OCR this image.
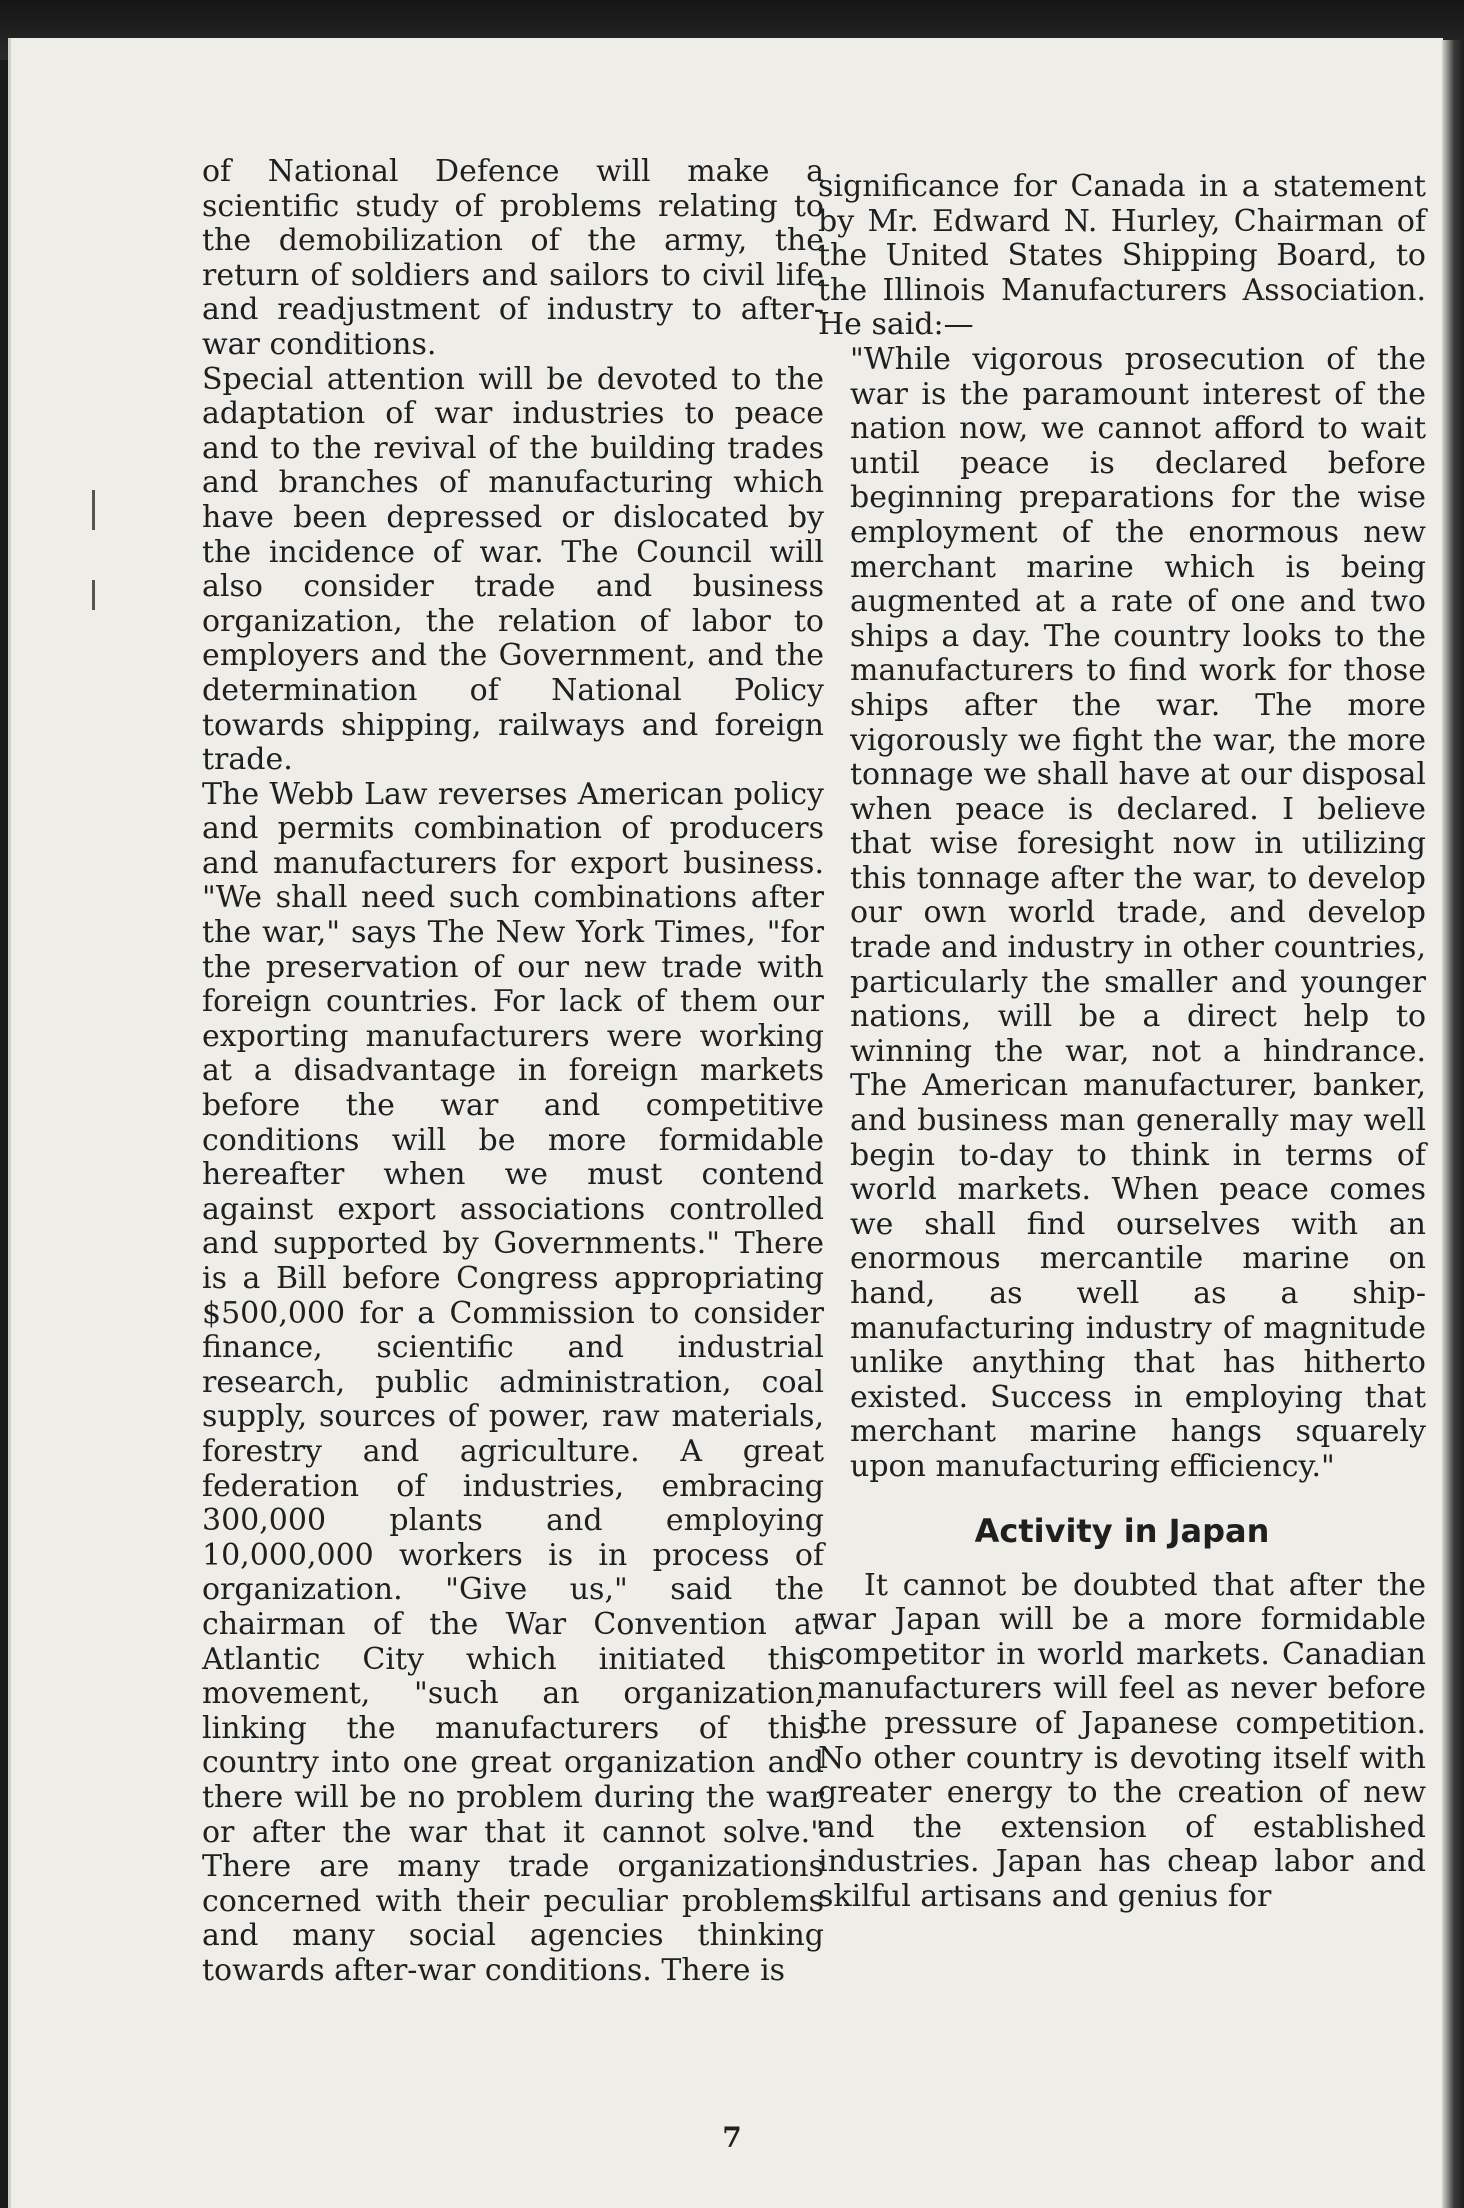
of National Defence will make a scientific study of problems relating to the demobilization of the army, the return of soldiers and sailors to civil life and readjustment of industry to after-war conditions.

Special attention will be devoted to the adaptation of war industries to peace and to the revival of the building trades and branches of manufacturing which have been depressed or dislocated by the incidence of war. The Council will also consider trade and business organization, the relation of labor to employers and the Government, and the determination of National Policy towards shipping, railways and foreign trade.

The Webb Law reverses American policy and permits combination of producers and manufacturers for export business. "We shall need such combinations after the war," says The New York Times, "for the preservation of our new trade with foreign countries. For lack of them our exporting manufacturers were working at a disadvantage in foreign markets before the war and competitive conditions will be more formidable hereafter when we must contend against export associations controlled and supported by Governments." There is a Bill before Congress appropriating $500,000 for a Commission to consider finance, scientific and industrial research, public administration, coal supply, sources of power, raw materials, forestry and agriculture. A great federation of industries, embracing 300,000 plants and employing 10,000,000 workers is in process of organization. "Give us," said the chairman of the War Convention at Atlantic City which initiated this movement, "such an organization, linking the manufacturers of this country into one great organization and there will be no problem during the war or after the war that it cannot solve." There are many trade organizations concerned with their peculiar problems and many social agencies thinking towards after-war conditions. There is

significance for Canada in a statement by Mr. Edward N. Hurley, Chairman of the United States Shipping Board, to the Illinois Manufacturers Association. He said:—

"While vigorous prosecution of the war is the paramount interest of the nation now, we cannot afford to wait until peace is declared before beginning preparations for the wise employment of the enormous new merchant marine which is being augmented at a rate of one and two ships a day. The country looks to the manufacturers to find work for those ships after the war. The more vigorously we fight the war, the more tonnage we shall have at our disposal when peace is declared. I believe that wise foresight now in utilizing this tonnage after the war, to develop our own world trade, and develop trade and industry in other countries, particularly the smaller and younger nations, will be a direct help to winning the war, not a hindrance. The American manufacturer, banker, and business man generally may well begin to-day to think in terms of world markets. When peace comes we shall find ourselves with an enormous mercantile marine on hand, as well as a ship-manufacturing industry of magnitude unlike anything that has hitherto existed. Success in employing that merchant marine hangs squarely upon manufacturing efficiency."

Activity in Japan

It cannot be doubted that after the war Japan will be a more formidable competitor in world markets. Canadian manufacturers will feel as never before the pressure of Japanese competition. No other country is devoting itself with greater energy to the creation of new and the extension of established industries. Japan has cheap labor and skilful artisans and genius for

7
